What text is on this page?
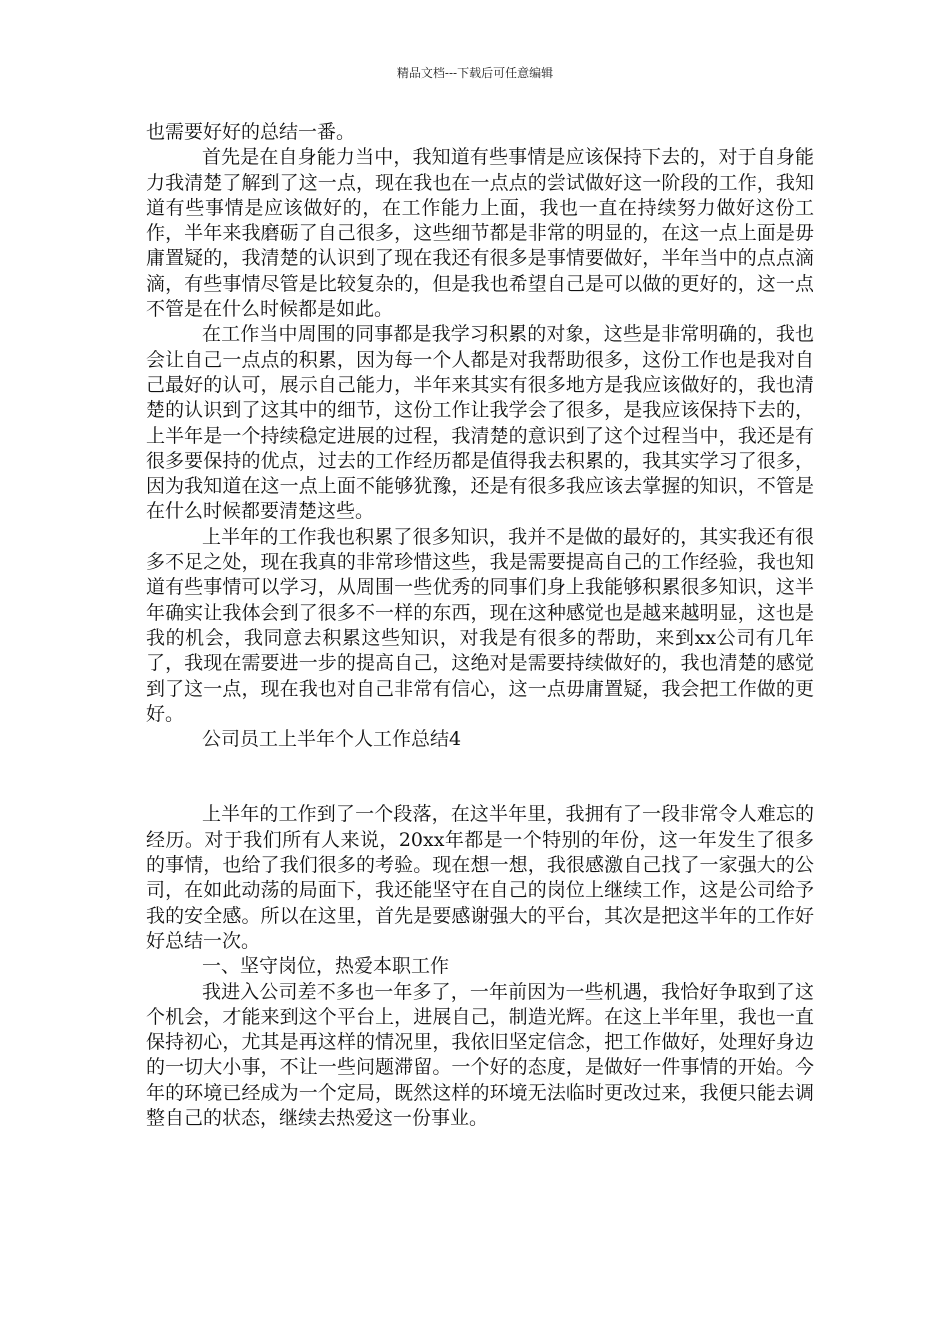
精品文档---下载后可任意编辑

也需要好好的总结一番。

首先是在自身能力当中，我知道有些事情是应该保持下去的，对于自身能力我清楚了解到了这一点，现在我也在一点点的尝试做好这一阶段的工作，我知道有些事情是应该做好的，在工作能力上面，我也一直在持续努力做好这份工作，半年来我磨砺了自己很多，这些细节都是非常的明显的，在这一点上面是毋庸置疑的，我清楚的认识到了现在我还有很多是事情要做好，半年当中的点点滴滴，有些事情尽管是比较复杂的，但是我也希望自己是可以做的更好的，这一点不管是在什么时候都是如此。

在工作当中周围的同事都是我学习积累的对象，这些是非常明确的，我也会让自己一点点的积累，因为每一个人都是对我帮助很多，这份工作也是我对自己最好的认可，展示自己能力，半年来其实有很多地方是我应该做好的，我也清楚的认识到了这其中的细节，这份工作让我学会了很多，是我应该保持下去的，上半年是一个持续稳定进展的过程，我清楚的意识到了这个过程当中，我还是有很多要保持的优点，过去的工作经历都是值得我去积累的，我其实学习了很多，因为我知道在这一点上面不能够犹豫，还是有很多我应该去掌握的知识，不管是在什么时候都要清楚这些。

上半年的工作我也积累了很多知识，我并不是做的最好的，其实我还有很多不足之处，现在我真的非常珍惜这些，我是需要提高自己的工作经验，我也知道有些事情可以学习，从周围一些优秀的同事们身上我能够积累很多知识，这半年确实让我体会到了很多不一样的东西，现在这种感觉也是越来越明显，这也是我的机会，我同意去积累这些知识，对我是有很多的帮助，来到xx公司有几年了，我现在需要进一步的提高自己，这绝对是需要持续做好的，我也清楚的感觉到了这一点，现在我也对自己非常有信心，这一点毋庸置疑，我会把工作做的更好。

公司员工上半年个人工作总结4

上半年的工作到了一个段落，在这半年里，我拥有了一段非常令人难忘的经历。对于我们所有人来说，20xx年都是一个特别的年份，这一年发生了很多的事情，也给了我们很多的考验。现在想一想，我很感激自己找了一家强大的公司，在如此动荡的局面下，我还能坚守在自己的岗位上继续工作，这是公司给予我的安全感。所以在这里，首先是要感谢强大的平台，其次是把这半年的工作好好总结一次。

一、坚守岗位，热爱本职工作

我进入公司差不多也一年多了，一年前因为一些机遇，我恰好争取到了这个机会，才能来到这个平台上，进展自己，制造光辉。在这上半年里，我也一直保持初心，尤其是再这样的情况里，我依旧坚定信念，把工作做好，处理好身边的一切大小事，不让一些问题滞留。一个好的态度，是做好一件事情的开始。今年的环境已经成为一个定局，既然这样的环境无法临时更改过来，我便只能去调整自己的状态，继续去热爱这一份事业。
